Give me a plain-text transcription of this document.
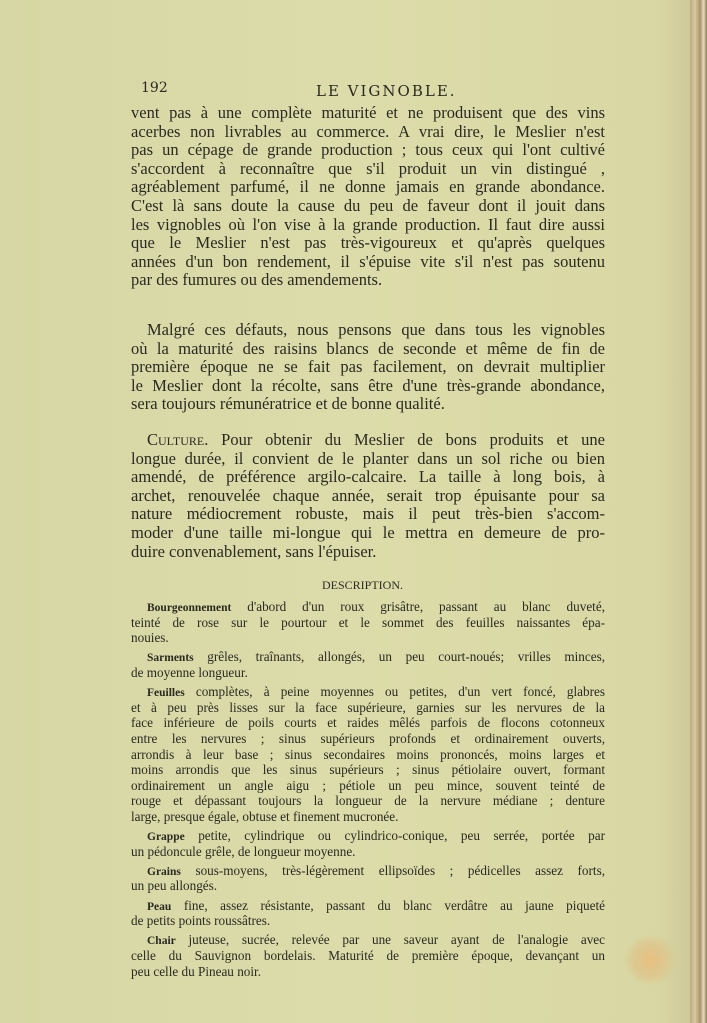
192	LE VIGNOBLE.
vent pas à une complète maturité et ne produisent que des vins
acerbes non livrables au commerce. A vrai dire, le Meslier n'est
pas un cépage de grande production ; tous ceux qui l'ont cultivé
s'accordent à reconnaître que s'il produit un vin distingué ,
agréablement parfumé, il ne donne jamais en grande abondance.
C'est là sans doute la cause du peu de faveur dont il jouit dans
les vignobles où l'on vise à la grande production. Il faut dire aussi
que le Meslier n'est pas très-vigoureux et qu'après quelques
années d'un bon rendement, il s'épuise vite s'il n'est pas soutenu
par des fumures ou des amendements.
Malgré ces défauts, nous pensons que dans tous les vignobles
où la maturité des raisins blancs de seconde et même de fin de
première époque ne se fait pas facilement, on devrait multiplier
le Meslier dont la récolte, sans être d'une très-grande abondance,
sera toujours rémunératrice et de bonne qualité.
Culture. Pour obtenir du Meslier de bons produits et une
longue durée, il convient de le planter dans un sol riche ou bien
amendé, de préférence argilo-calcaire. La taille à long bois, à
archet, renouvelée chaque année, serait trop épuisante pour sa
nature médiocrement robuste, mais il peut très-bien s'accom-
moder d'une taille mi-longue qui le mettra en demeure de pro-
duire convenablement, sans l'épuiser.
DESCRIPTION.
Bourgeonnement d'abord d'un roux grisâtre, passant au blanc duveté,
teinté de rose sur le pourtour et le sommet des feuilles naissantes épa-
nouies.
Sarments grêles, traînants, allongés, un peu court-noués; vrilles minces,
de moyenne longueur.
Feuilles complètes, à peine moyennes ou petites, d'un vert foncé, glabres
et à peu près lisses sur la face supérieure, garnies sur les nervures de la
face inférieure de poils courts et raides mêlés parfois de flocons cotonneux
entre les nervures ; sinus supérieurs profonds et ordinairement ouverts,
arrondis à leur base ; sinus secondaires moins prononcés, moins larges et
moins arrondis que les sinus supérieurs ; sinus pétiolaire ouvert, formant
ordinairement un angle aigu ; pétiole un peu mince, souvent teinté de
rouge et dépassant toujours la longueur de la nervure médiane ; denture
large, presque égale, obtuse et finement mucronée.
Grappe petite, cylindrique ou cylindrico-conique, peu serrée, portée par
un pédoncule grêle, de longueur moyenne.
Grains sous-moyens, très-légèrement ellipsoïdes ; pédicelles assez forts,
un peu allongés.
Peau fine, assez résistante, passant du blanc verdâtre au jaune piqueté
de petits points roussâtres.
Chair juteuse, sucrée, relevée par une saveur ayant de l'analogie avec
celle du Sauvignon bordelais. Maturité de première époque, devançant un
peu celle du Pineau noir.
